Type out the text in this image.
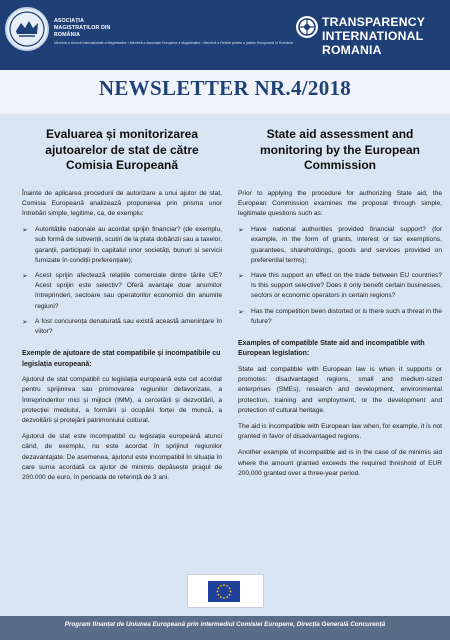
ASOCIAȚIA
MAGISTRAȚILOR DIN
ROMÂNIA
Membră a Uniunii Internaționale a Magistraților • Membră a Asociației Europene a Magistraților • Membră a Rețelei pentru o justiție Europeană în România
TRANSPARENCY
INTERNATIONAL
ROMANIA
NEWSLETTER NR.4/2018
Evaluarea și monitorizarea ajutoarelor de stat de către Comisia Europeană

Înainte de aplicarea procedurii de autorizare a unui ajutor de stat, Comisia Europeană analizează propunerea prin prisma unor întrebări simple, legitime, ca, de exemplu:

➢ Autoritățile naționale au acordat sprijin financiar? (de exemplu, sub formă de subvenții, scutiri de la plata dobânzii sau a taxelor, garanții, participații în capitalul unor societăți, bunuri și servicii furnizate în condiții preferențiale);
➢ Acest sprijin afectează relațiile comerciale dintre țările UE? Acest sprijin este selectiv? Oferă avantaje doar anumitor întreprinderi, sectoare sau operatorilor economici din anumite regiuni?
➢ A fost concurența denaturată sau există această amenințare în viitor?
Exemple de ajutoare de stat compatibile și incompatibile cu legislația europeană:

Ajutorul de stat compatibil cu legislația europeană este cel acordat pentru sprijinirea sau promovarea regiunilor defavorizate, a întreprinderilor mici și mijlocii (IMM), a cercetării și dezvoltării, a protecției mediului, a formării și ocupării forței de muncă, a dezvoltării și protejării patrimoniului cultural.

Ajutorul de stat este incompatibil cu legislația europeană atunci când, de exemplu, nu este acordat în sprijinul regiunilor dezavantajate. De asemenea, ajutorul este incompatibil în situația în care suma acordată ca ajutor de minimis depășește pragul de 200.000 de euro, în perioada de referință de 3 ani.

State aid assessment and monitoring by the European Commission

Prior to applying the procedure for authorizing State aid, the European Commission examines the proposal through simple, legitimate questions such as:

➢ Have national authorities provided financial support? (for example, in the form of grants, interest or tax exemptions, guarantees, shareholdings, goods and services provided on preferential terms);
➢ Have this support an effect on the trade between EU countries? Is this support selective? Does it only benefit certain businesses, sectors or economic operators in certain regions?
➢ Has the competition been distorted or is there such a threat in the future?
Examples of compatible State aid and incompatible with European legislation:

State aid compatible with European law is when it supports or promotes: disadvantaged regions, small and medium-sized enterprises (SMEs), research and development, environmental protection, training and employment, or the development and protection of cultural heritage.

The aid is incompatible with European law when, for example, it is not granted in favor of disadvantaged regions.

Another example of incompatible aid is in the case of de minimis aid where the amount granted exceeds the required threshold of EUR 200,000 granted over a three-year period.

Program finanțat de Uniunea Europeană prin intermediul Comisiei Europene, Direcția Generală Concurență
